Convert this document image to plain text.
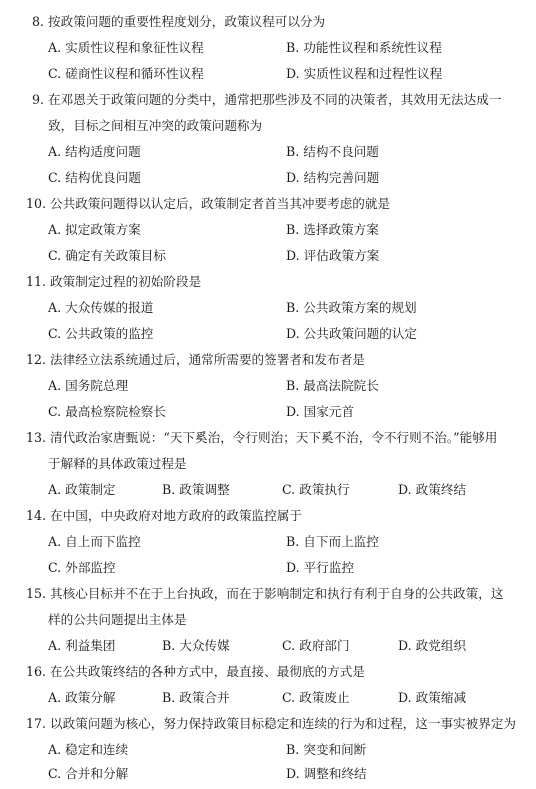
8. 按政策问题的重要性程度划分，政策议程可以分为
A. 实质性议程和象征性议程	B. 功能性议程和系统性议程
C. 磋商性议程和循环性议程	D. 实质性议程和过程性议程
9. 在邓恩关于政策问题的分类中，通常把那些涉及不同的决策者，其效用无法达成一
致，目标之间相互冲突的政策问题称为
A. 结构适度问题	B. 结构不良问题
C. 结构优良问题	D. 结构完善问题
10. 公共政策问题得以认定后，政策制定者首当其冲要考虑的就是
A. 拟定政策方案	B. 选择政策方案
C. 确定有关政策目标	D. 评估政策方案
11. 政策制定过程的初始阶段是
A. 大众传媒的报道	B. 公共政策方案的规划
C. 公共政策的监控	D. 公共政策问题的认定
12. 法律经立法系统通过后，通常所需要的签署者和发布者是
A. 国务院总理	B. 最高法院院长
C. 最高检察院检察长	D. 国家元首
13. 清代政治家唐甄说：“天下奚治，令行则治；天下奚不治，令不行则不治。”能够用
于解释的具体政策过程是
A. 政策制定	B. 政策调整	C. 政策执行	D. 政策终结
14. 在中国，中央政府对地方政府的政策监控属于
A. 自上而下监控	B. 自下而上监控
C. 外部监控	D. 平行监控
15. 其核心目标并不在于上台执政，而在于影响制定和执行有利于自身的公共政策，这
样的公共问题提出主体是
A. 利益集团	B. 大众传媒	C. 政府部门	D. 政党组织
16. 在公共政策终结的各种方式中，最直接、最彻底的方式是
A. 政策分解	B. 政策合并	C. 政策废止	D. 政策缩减
17. 以政策问题为核心，努力保持政策目标稳定和连续的行为和过程，这一事实被界定为
A. 稳定和连续	B. 突变和间断
C. 合并和分解	D. 调整和终结
